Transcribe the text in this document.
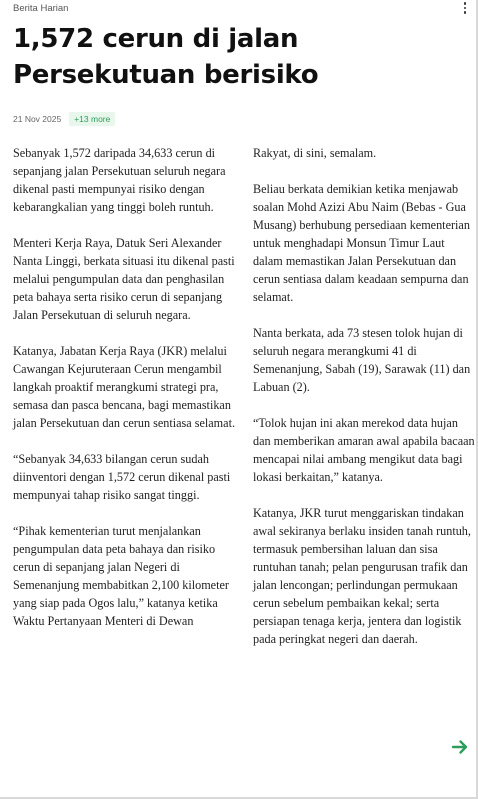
Berita Harian
1,572 cerun di jalan Persekutuan berisiko
21 Nov 2025	+13 more

Sebanyak 1,572 daripada 34,633 cerun di sepanjang jalan Persekutuan seluruh negara dikenal pasti mempunyai risiko dengan kebarangkalian yang tinggi boleh runtuh.

Menteri Kerja Raya, Datuk Seri Alexander Nanta Linggi, berkata situasi itu dikenal pasti melalui pengumpulan data dan penghasilan peta bahaya serta risiko cerun di sepanjang Jalan Persekutuan di seluruh negara.

Katanya, Jabatan Kerja Raya (JKR) melalui Cawangan Kejuruteraan Cerun mengambil langkah proaktif merangkumi strategi pra, semasa dan pasca bencana, bagi memastikan jalan Persekutuan dan cerun sentiasa selamat.

“Sebanyak 34,633 bilangan cerun sudah diinventori dengan 1,572 cerun dikenal pasti mempunyai tahap risiko sangat tinggi.

“Pihak kementerian turut menjalankan pengumpulan data peta bahaya dan risiko cerun di sepanjang jalan Negeri di Semenanjung membabitkan 2,100 kilometer yang siap pada Ogos lalu,” katanya ketika Waktu Pertanyaan Menteri di Dewan

Rakyat, di sini, semalam.

Beliau berkata demikian ketika menjawab soalan Mohd Azizi Abu Naim (Bebas - Gua Musang) berhubung persediaan kementerian untuk menghadapi Monsun Timur Laut dalam memastikan Jalan Persekutuan dan cerun sentiasa dalam keadaan sempurna dan selamat.

Nanta berkata, ada 73 stesen tolok hujan di seluruh negara merangkumi 41 di Semenanjung, Sabah (19), Sarawak (11) dan Labuan (2).

“Tolok hujan ini akan merekod data hujan dan memberikan amaran awal apabila bacaan mencapai nilai ambang mengikut data bagi lokasi berkaitan,” katanya.

Katanya, JKR turut menggariskan tindakan awal sekiranya berlaku insiden tanah runtuh, termasuk pembersihan laluan dan sisa runtuhan tanah; pelan pengurusan trafik dan jalan lencongan; perlindungan permukaan cerun sebelum pembaikan kekal; serta persiapan tenaga kerja, jentera dan logistik pada peringkat negeri dan daerah.
